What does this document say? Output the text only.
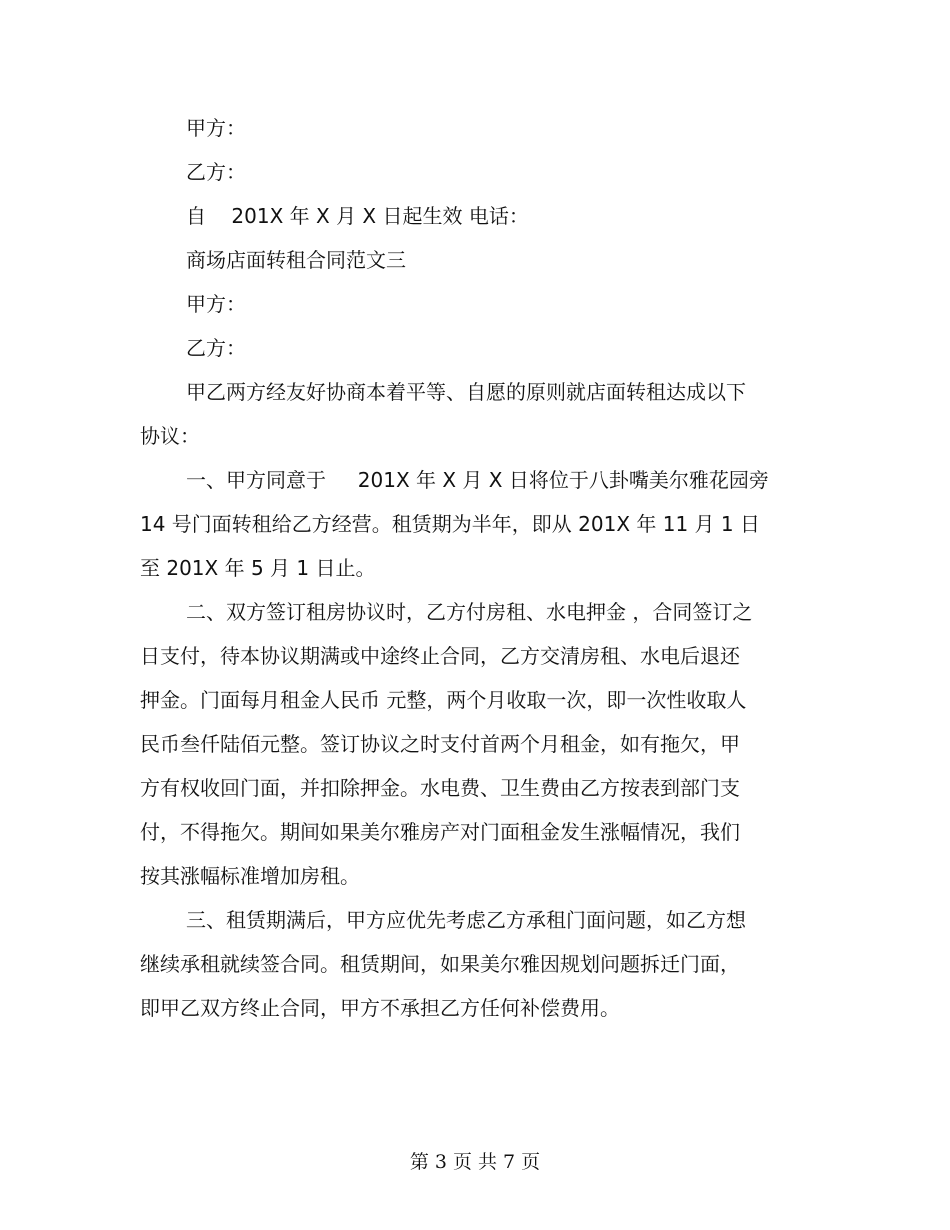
甲方：
乙方：
自    201X 年 X 月 X 日起生效 电话：
商场店面转租合同范文三
甲方：
乙方：
甲乙两方经友好协商本着平等、自愿的原则就店面转租达成以下
协议：
一、甲方同意于     201X 年 X 月 X 日将位于八卦嘴美尔雅花园旁
14 号门面转租给乙方经营。租赁期为半年，即从 201X 年 11 月 1 日
至 201X 年 5 月 1 日止。
二、双方签订租房协议时，乙方付房租、水电押金 ，合同签订之
日支付，待本协议期满或中途终止合同，乙方交清房租、水电后退还
押金。门面每月租金人民币 元整，两个月收取一次，即一次性收取人
民币叁仟陆佰元整。签订协议之时支付首两个月租金，如有拖欠，甲
方有权收回门面，并扣除押金。水电费、卫生费由乙方按表到部门支
付，不得拖欠。期间如果美尔雅房产对门面租金发生涨幅情况，我们
按其涨幅标准增加房租。
三、租赁期满后，甲方应优先考虑乙方承租门面问题，如乙方想
继续承租就续签合同。租赁期间，如果美尔雅因规划问题拆迁门面，
即甲乙双方终止合同，甲方不承担乙方任何补偿费用。
第 3 页 共 7 页
